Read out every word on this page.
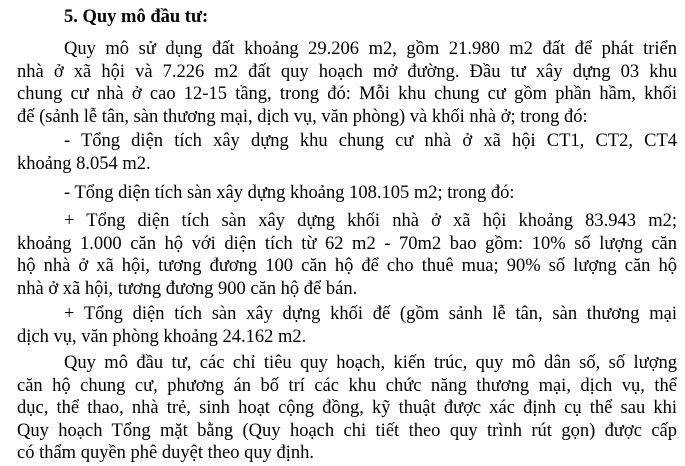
5. Quy mô đầu tư:
Quy mô sử dụng đất khoảng 29.206 m2, gồm 21.980 m2 đất để phát triển
nhà ở xã hội và 7.226 m2 đất quy hoạch mở đường. Đầu tư xây dựng 03 khu
chung cư nhà ở cao 12-15 tầng, trong đó: Mỗi khu chung cư gồm phần hầm, khối
đế (sảnh lễ tân, sàn thương mại, dịch vụ, văn phòng) và khối nhà ở; trong đó:
- Tổng diện tích xây dựng khu chung cư nhà ở xã hội CT1, CT2, CT4
khoảng 8.054 m2.
- Tổng diện tích sàn xây dựng khoảng 108.105 m2; trong đó:
+ Tổng diện tích sàn xây dựng khối nhà ở xã hội khoảng 83.943 m2;
khoảng 1.000 căn hộ với diện tích từ 62 m2 - 70m2 bao gồm: 10% số lượng căn
hộ nhà ở xã hội, tương đương 100 căn hộ để cho thuê mua; 90% số lượng căn hộ
nhà ở xã hội, tương đương 900 căn hộ để bán.
+ Tổng diện tích sàn xây dựng khối đế (gồm sảnh lễ tân, sàn thương mại
dịch vụ, văn phòng khoảng 24.162 m2.
Quy mô đầu tư, các chỉ tiêu quy hoạch, kiến trúc, quy mô dân số, số lượng
căn hộ chung cư, phương án bố trí các khu chức năng thương mại, dịch vụ, thể
dục, thể thao, nhà trẻ, sinh hoạt cộng đồng, kỹ thuật được xác định cụ thể sau khi
Quy hoạch Tổng mặt bằng (Quy hoạch chi tiết theo quy trình rút gọn) được cấp
có thẩm quyền phê duyệt theo quy định.
